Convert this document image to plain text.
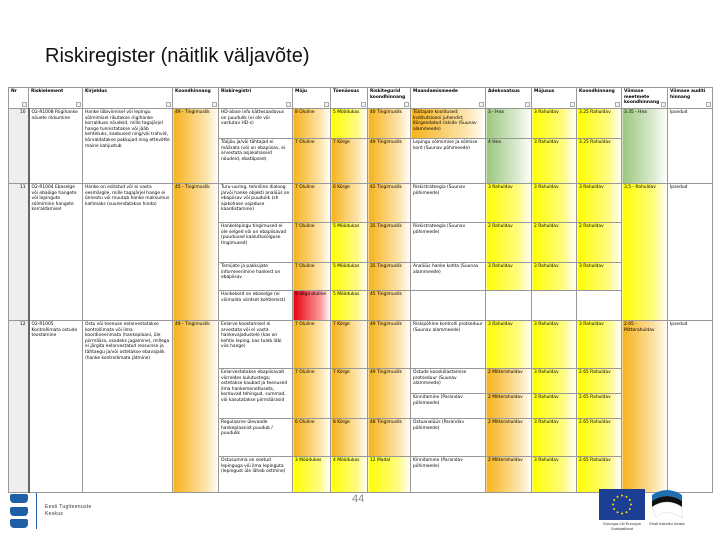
Riskiregister (näitlik väljavõte)
Nr	Riskielement	Kirjeldus	Koondhinnang	Riskiregistri	Mõju	Tõenäosus	Riskitegurid koondhinnang	Maandamismeede	Adekvaatsus	Mõjusus	Koondhinnang	Viimase meetmete koondhinnang	Viimase auditi hinnang

10	O2-R1008 Riigihanke nõuete rikkumine	Hanke läbiviimisel või lepingu sõlmimisel rikutakse riigihanke korralduse nõudeid, mille tagajärjel hange tunnistatakse või jääb kehtetuks, kaebused ning/või trahvid, kõrvaldatakse pakkujad ning ettevõtte maine kahjustub	49 - Tingimuslik	HD-alase info kättesaadavus on puudulik (ei ole või vastutav HD-s)	8 Oluline	5 Mõõdukas	40 Tingimuslik	Töötajate koolitused; Institutsiooni juhendid; Kõrgendatud riskide (Suunav alammeede)	3 - Hea	3 Rahuldav	3.25 Rahuldav	3.35 - Hea	Ipsedud
				Tööjõu ja/või tähtajad ei määrata (või on ebapiisav, ei arvestata asjakohaseid nõudeid, ebatäpsed)	7 Oluline	7 Kõrge	49 Tingimuslik	Lepingu sõlmimise ja sõlmise kord (Suunav põhimeede)	4 Hea	3 Rahuldav	3.25 Rahuldav		
11	O2-R1004 Ebaselge või ebaõige hangete või lepingute sõlmimine hangete korraldamisel	Hanke on esitatud või ei vasta eesmärgile, mille tagajärjel hange ei õnnestu või muutub hanke maksumus kallimaks (suurendatakse hinda)	45 - Tingimuslik	Turu-uuring, tehniline dialoog ja/või hanke objekti analüüs on ebapiisav või puudulik (sh ajakohase vajaduse kaardistamine)	7 Oluline	6 Kõrge	42 Tingimuslik	Riskistrateegia (Suunav põhimeede)	3 Rahuldav	3 Rahuldav	3 Rahuldav	3,5 - Rahuldav	Ipsedud
				Hankelepingu tingimused ei ole selged või on ebapiisavad (puuduvad kaalutlusõiguse tingimused)	7 Oluline	5 Mõõdukas	35 Tingimuslik	Riskistrateegia (Suunav põhimeede)	2 Rahuldav	2 Rahuldav	2 Rahuldav		
				Tarnijate ja pakkujate informeerimine hankest on ebapiisav	7 Oluline	5 Mõõdukas	35 Tingimuslik	Analüüs hanke kohta (Suunav alammeede)	3 Rahuldav	3 Rahuldav	3 Rahuldav		
				Hankekord on ebaselge (ei võimalda võrdset kohtlemist)	9 Väga oluline	5 Mõõdukas	45 Tingimuslik						
12	O2-R1005 Kontrollimata ostude teostamine	Ostu või teenuse eelarvestatakse kontrollimata või ilma koordineerimata (hankeplaani, üle piirmäära, osadeks jagamine), millega ei järgita eelarvestatud ressursse ja tähtaegu ja/või ostetakse ebavajalik (hanke kontrollimata jätmine)	49 - Tingimuslik	Eelarve koostamisel ei arvestata või ei vasta hankevajadustele (kas on kehtiv leping, kas tuleb läbi viia hange)	7 Oluline	7 Kõrge	49 Tingimuslik	Riskipõhine kontrolli protseduur (Suunav alammeede)	3 Rahuldav	3 Rahuldav	3 Rahuldav	2.65 - Mitterahuldav	Ipsedud
				Eelarvestatakse ebapiisavalt võrreldes kulutustega; ostetakse kaubad ja teenused ilma hankemenetluseta, korduvad tehingud, summad, või kasutatakse piirmäärasid	7 Oluline	7 Kõrge	49 Tingimuslik	Ostude kooskõlastamise protseduur (Suunav alammeede)	2 Mitterahuldav	3 Rahuldav	2.65 Rahuldav		
								Kinnitamine (Parandav põhimeede)	2 Mitterahuldav	3 Rahuldav	2.65 Rahuldav		
				Regulaarne ülevaade hankeplaanist puudub / puudulik	6 Oluline	8 Kõrge	48 Tingimuslik	Ostuanalüüs (Parandav põhimeede)	2 Mitterahuldav	3 Rahuldav	2.65 Rahuldav		
				Ostusumma on seotud lepinguga või ilma lepinguta (lepingust üle läheb ostmine)	3 Mõõdukas	4 Mõõdukas	12 Madal	Kinnitamine (Parandav põhimeede)	2 Mitterahuldav	3 Rahuldav	2.65 Rahuldav		
Eesti Tugiteenuste Keskus
44
Euroopa Liit Euroopa Sotsiaalfond
Eesti tuleviku heaks
